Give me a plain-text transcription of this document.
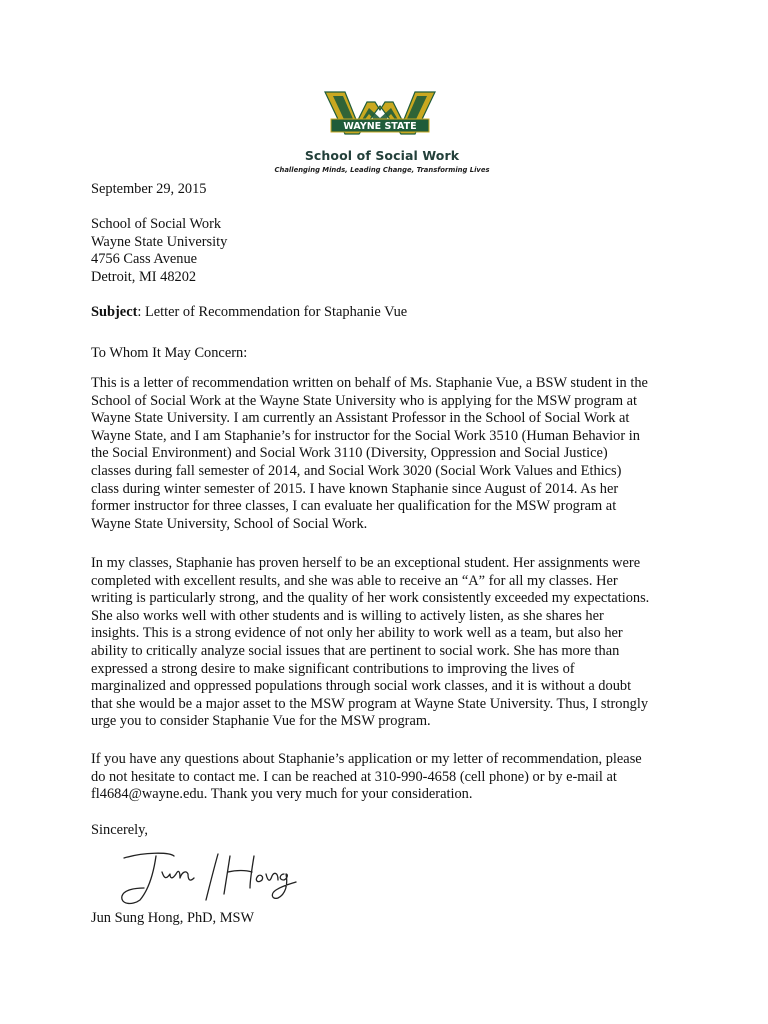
WAYNE STATE
School of Social Work
Challenging Minds, Leading Change, Transforming Lives
September 29, 2015
School of Social Work
Wayne State University
4756 Cass Avenue
Detroit, MI 48202
Subject: Letter of Recommendation for Staphanie Vue
To Whom It May Concern:
This is a letter of recommendation written on behalf of Ms. Staphanie Vue, a BSW student in the
School of Social Work at the Wayne State University who is applying for the MSW program at
Wayne State University. I am currently an Assistant Professor in the School of Social Work at
Wayne State, and I am Staphanie’s for instructor for the Social Work 3510 (Human Behavior in
the Social Environment) and Social Work 3110 (Diversity, Oppression and Social Justice)
classes during fall semester of 2014, and Social Work 3020 (Social Work Values and Ethics)
class during winter semester of 2015. I have known Staphanie since August of 2014. As her
former instructor for three classes, I can evaluate her qualification for the MSW program at
Wayne State University, School of Social Work.
In my classes, Staphanie has proven herself to be an exceptional student. Her assignments were
completed with excellent results, and she was able to receive an “A” for all my classes. Her
writing is particularly strong, and the quality of her work consistently exceeded my expectations.
She also works well with other students and is willing to actively listen, as she shares her
insights. This is a strong evidence of not only her ability to work well as a team, but also her
ability to critically analyze social issues that are pertinent to social work. She has more than
expressed a strong desire to make significant contributions to improving the lives of
marginalized and oppressed populations through social work classes, and it is without a doubt
that she would be a major asset to the MSW program at Wayne State University. Thus, I strongly
urge you to consider Staphanie Vue for the MSW program.
If you have any questions about Staphanie’s application or my letter of recommendation, please
do not hesitate to contact me. I can be reached at 310-990-4658 (cell phone) or by e-mail at
fl4684@wayne.edu. Thank you very much for your consideration.
Sincerely,
Jun Sung Hong, PhD, MSW
